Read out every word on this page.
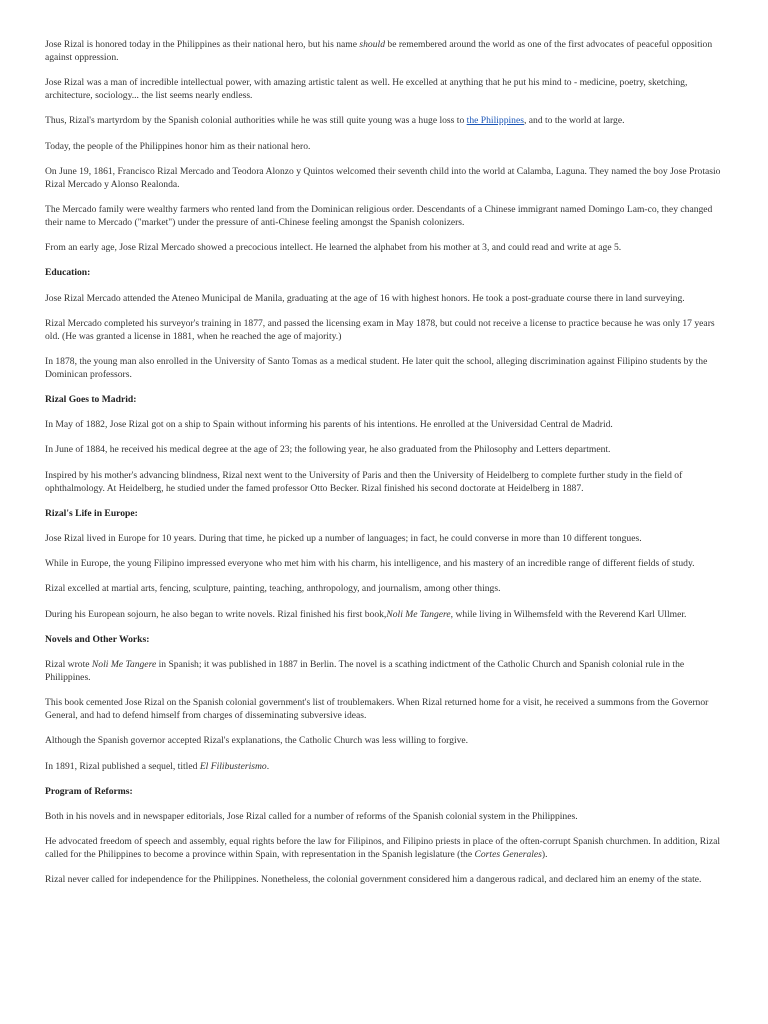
Jose Rizal is honored today in the Philippines as their national hero, but his name should be remembered around the world as one of the first advocates of peaceful opposition against oppression.

Jose Rizal was a man of incredible intellectual power, with amazing artistic talent as well. He excelled at anything that he put his mind to - medicine, poetry, sketching, architecture, sociology... the list seems nearly endless.

Thus, Rizal's martyrdom by the Spanish colonial authorities while he was still quite young was a huge loss to the Philippines, and to the world at large.

Today, the people of the Philippines honor him as their national hero.

On June 19, 1861, Francisco Rizal Mercado and Teodora Alonzo y Quintos welcomed their seventh child into the world at Calamba, Laguna. They named the boy Jose Protasio Rizal Mercado y Alonso Realonda.

The Mercado family were wealthy farmers who rented land from the Dominican religious order. Descendants of a Chinese immigrant named Domingo Lam-co, they changed their name to Mercado ("market") under the pressure of anti-Chinese feeling amongst the Spanish colonizers.

From an early age, Jose Rizal Mercado showed a precocious intellect. He learned the alphabet from his mother at 3, and could read and write at age 5.

Education:

Jose Rizal Mercado attended the Ateneo Municipal de Manila, graduating at the age of 16 with highest honors. He took a post-graduate course there in land surveying.

Rizal Mercado completed his surveyor's training in 1877, and passed the licensing exam in May 1878, but could not receive a license to practice because he was only 17 years old. (He was granted a license in 1881, when he reached the age of majority.)

In 1878, the young man also enrolled in the University of Santo Tomas as a medical student. He later quit the school, alleging discrimination against Filipino students by the Dominican professors.

Rizal Goes to Madrid:

In May of 1882, Jose Rizal got on a ship to Spain without informing his parents of his intentions. He enrolled at the Universidad Central de Madrid.

In June of 1884, he received his medical degree at the age of 23; the following year, he also graduated from the Philosophy and Letters department.

Inspired by his mother's advancing blindness, Rizal next went to the University of Paris and then the University of Heidelberg to complete further study in the field of ophthalmology. At Heidelberg, he studied under the famed professor Otto Becker. Rizal finished his second doctorate at Heidelberg in 1887.

Rizal's Life in Europe:

Jose Rizal lived in Europe for 10 years. During that time, he picked up a number of languages; in fact, he could converse in more than 10 different tongues.

While in Europe, the young Filipino impressed everyone who met him with his charm, his intelligence, and his mastery of an incredible range of different fields of study.

Rizal excelled at martial arts, fencing, sculpture, painting, teaching, anthropology, and journalism, among other things.

During his European sojourn, he also began to write novels. Rizal finished his first book,Noli Me Tangere, while living in Wilhemsfeld with the Reverend Karl Ullmer.

Novels and Other Works:

Rizal wrote Noli Me Tangere in Spanish; it was published in 1887 in Berlin. The novel is a scathing indictment of the Catholic Church and Spanish colonial rule in the Philippines.

This book cemented Jose Rizal on the Spanish colonial government's list of troublemakers. When Rizal returned home for a visit, he received a summons from the Governor General, and had to defend himself from charges of disseminating subversive ideas.

Although the Spanish governor accepted Rizal's explanations, the Catholic Church was less willing to forgive.

In 1891, Rizal published a sequel, titled El Filibusterismo.

Program of Reforms:

Both in his novels and in newspaper editorials, Jose Rizal called for a number of reforms of the Spanish colonial system in the Philippines.

He advocated freedom of speech and assembly, equal rights before the law for Filipinos, and Filipino priests in place of the often-corrupt Spanish churchmen. In addition, Rizal called for the Philippines to become a province within Spain, with representation in the Spanish legislature (the Cortes Generales).

Rizal never called for independence for the Philippines. Nonetheless, the colonial government considered him a dangerous radical, and declared him an enemy of the state.
